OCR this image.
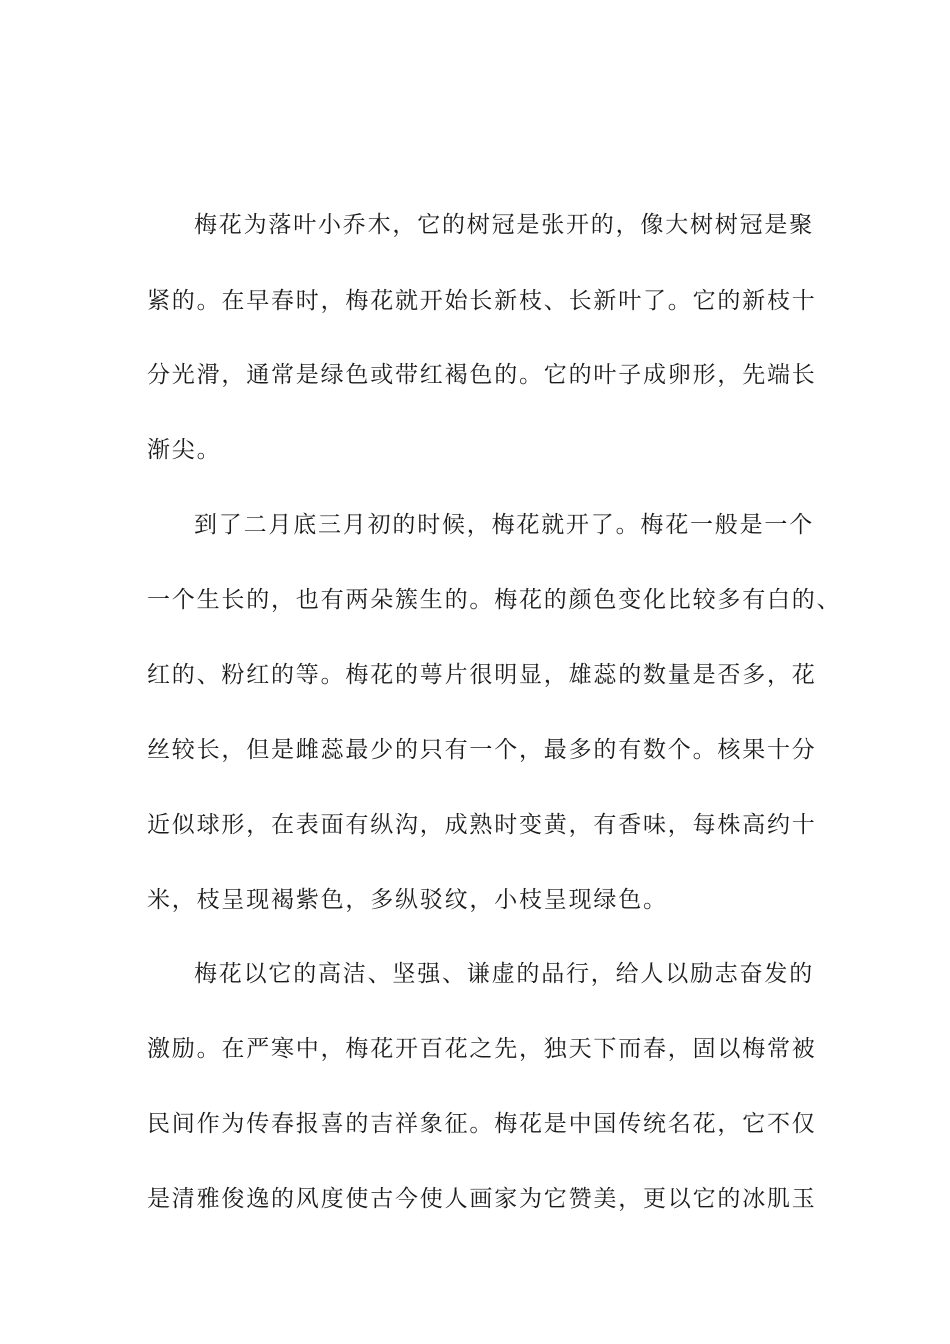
梅花为落叶小乔木，它的树冠是张开的，像大树树冠是聚

紧的。在早春时，梅花就开始长新枝、长新叶了。它的新枝十

分光滑，通常是绿色或带红褐色的。它的叶子成卵形，先端长

渐尖。

到了二月底三月初的时候，梅花就开了。梅花一般是一个

一个生长的，也有两朵簇生的。梅花的颜色变化比较多有白的、

红的、粉红的等。梅花的萼片很明显，雄蕊的数量是否多，花

丝较长，但是雌蕊最少的只有一个，最多的有数个。核果十分

近似球形，在表面有纵沟，成熟时变黄，有香味，每株高约十

米，枝呈现褐紫色，多纵驳纹，小枝呈现绿色。

梅花以它的高洁、坚强、谦虚的品行，给人以励志奋发的

激励。在严寒中，梅花开百花之先，独天下而春，固以梅常被

民间作为传春报喜的吉祥象征。梅花是中国传统名花，它不仅

是清雅俊逸的风度使古今使人画家为它赞美，更以它的冰肌玉
